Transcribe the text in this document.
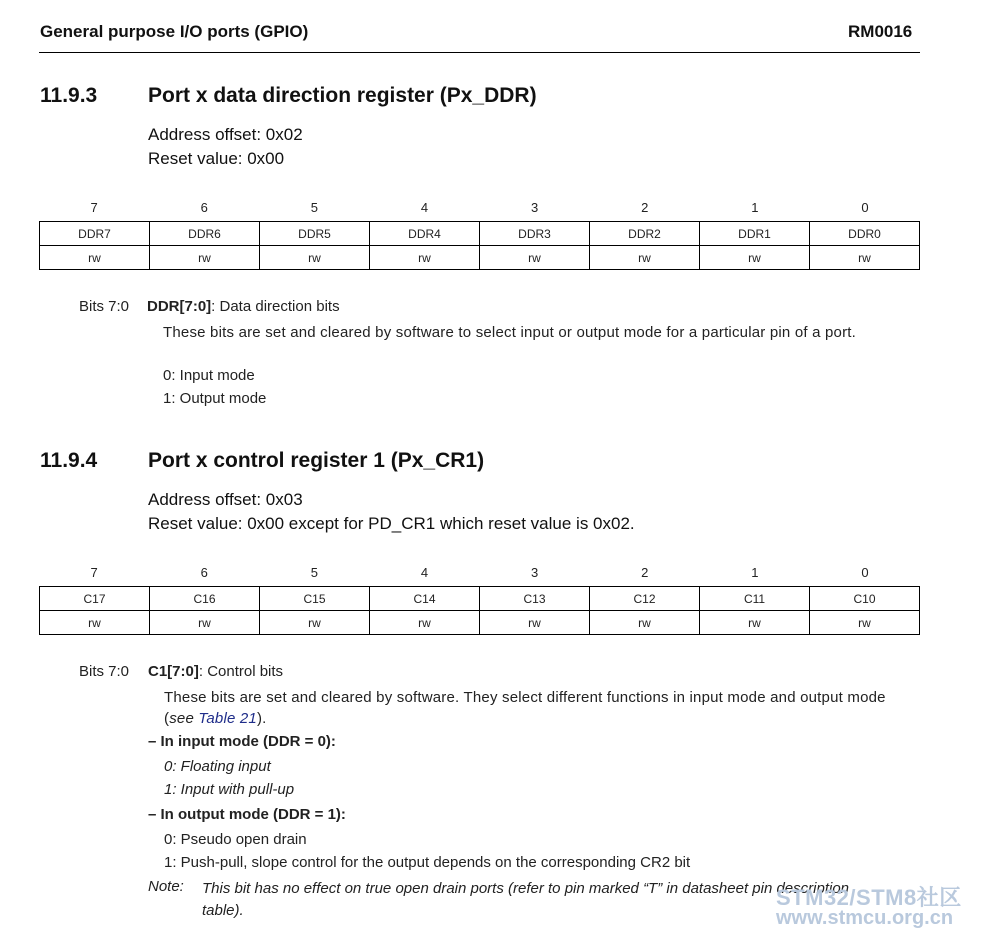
General purpose I/O ports (GPIO)	RM0016
11.9.3 Port x data direction register (Px_DDR)
Address offset: 0x02
Reset value: 0x00
7	6	5	4	3	2	1	0
DDR7	DDR6	DDR5	DDR4	DDR3	DDR2	DDR1	DDR0
rw	rw	rw	rw	rw	rw	rw	rw
Bits 7:0 DDR[7:0]: Data direction bits
These bits are set and cleared by software to select input or output mode for a particular pin of a port.
0: Input mode
1: Output mode
11.9.4 Port x control register 1 (Px_CR1)
Address offset: 0x03
Reset value: 0x00 except for PD_CR1 which reset value is 0x02.
7	6	5	4	3	2	1	0
C17	C16	C15	C14	C13	C12	C11	C10
rw	rw	rw	rw	rw	rw	rw	rw
Bits 7:0 C1[7:0]: Control bits
These bits are set and cleared by software. They select different functions in input mode and output mode (see Table 21).
– In input mode (DDR = 0):
0: Floating input
1: Input with pull-up
– In output mode (DDR = 1):
0: Pseudo open drain
1: Push-pull, slope control for the output depends on the corresponding CR2 bit
Note: This bit has no effect on true open drain ports (refer to pin marked “T” in datasheet pin description table).
STM32/STM8社区
www.stmcu.org.cn
